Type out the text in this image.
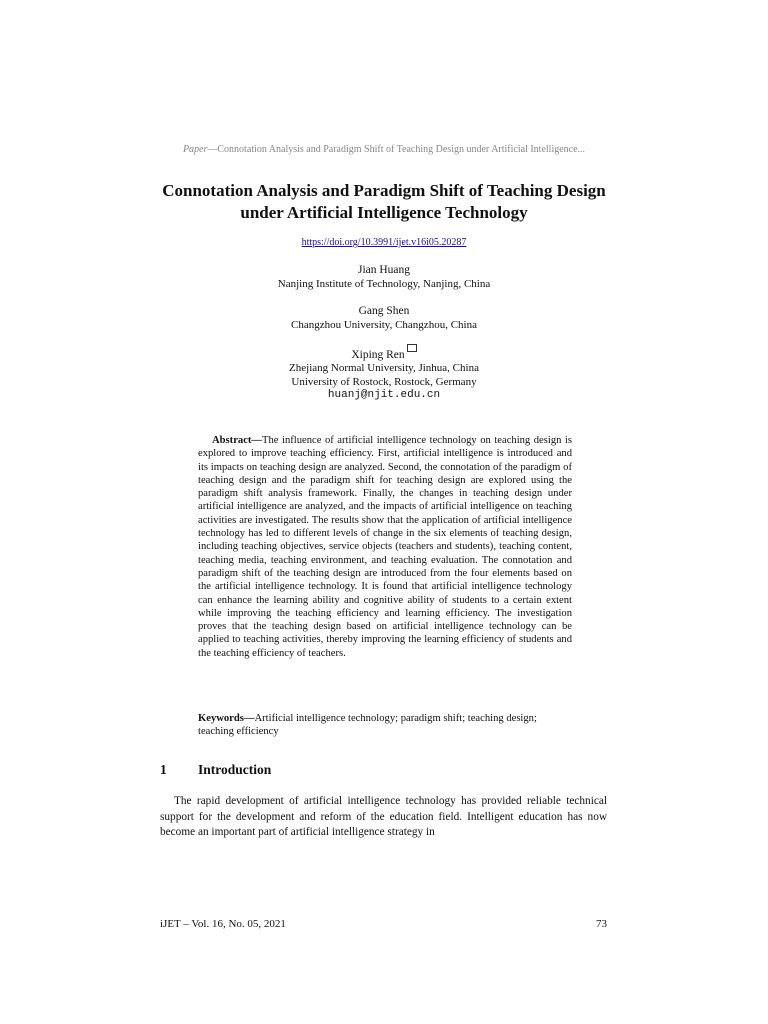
Paper—Connotation Analysis and Paradigm Shift of Teaching Design under Artificial Intelligence...
Connotation Analysis and Paradigm Shift of Teaching Design under Artificial Intelligence Technology
https://doi.org/10.3991/ijet.v16i05.20287
Jian Huang
Nanjing Institute of Technology, Nanjing, China
Gang Shen
Changzhou University, Changzhou, China
Xiping Ren
Zhejiang Normal University, Jinhua, China
University of Rostock, Rostock, Germany
huanj@njit.edu.cn
Abstract—The influence of artificial intelligence technology on teaching design is explored to improve teaching efficiency. First, artificial intelligence is introduced and its impacts on teaching design are analyzed. Second, the connotation of the paradigm of teaching design and the paradigm shift for teaching design are explored using the paradigm shift analysis framework. Finally, the changes in teaching design under artificial intelligence are analyzed, and the impacts of artificial intelligence on teaching activities are investigated. The results show that the application of artificial intelligence technology has led to different levels of change in the six elements of teaching design, including teaching objectives, service objects (teachers and students), teaching content, teaching media, teaching environment, and teaching evaluation. The connotation and paradigm shift of the teaching design are introduced from the four elements based on the artificial intelligence technology. It is found that artificial intelligence technology can enhance the learning ability and cognitive ability of students to a certain extent while improving the teaching efficiency and learning efficiency. The investigation proves that the teaching design based on artificial intelligence technology can be applied to teaching activities, thereby improving the learning efficiency of students and the teaching efficiency of teachers.
Keywords—Artificial intelligence technology; paradigm shift; teaching design; teaching efficiency
1 Introduction
The rapid development of artificial intelligence technology has provided reliable technical support for the development and reform of the education field. Intelligent education has now become an important part of artificial intelligence strategy in
iJET – Vol. 16, No. 05, 2021	73
